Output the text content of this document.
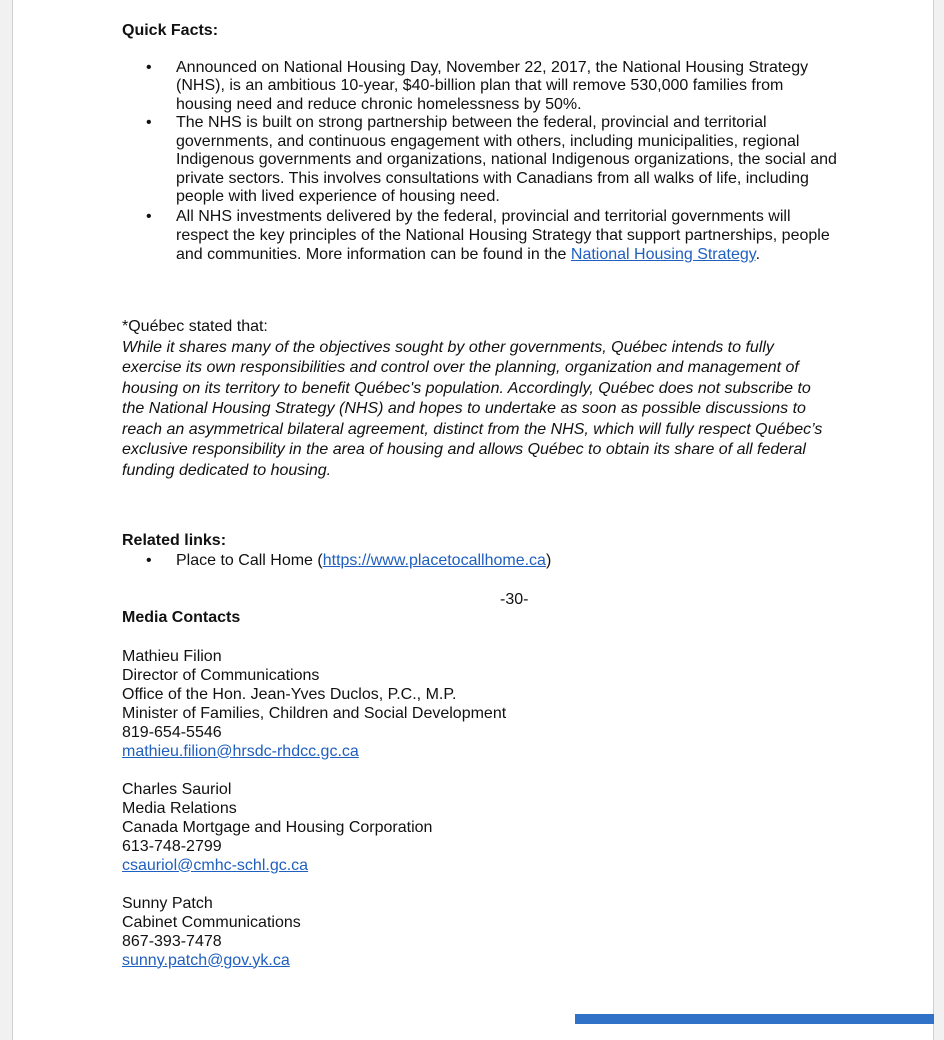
Quick Facts:

• Announced on National Housing Day, November 22, 2017, the National Housing Strategy (NHS), is an ambitious 10-year, $40-billion plan that will remove 530,000 families from housing need and reduce chronic homelessness by 50%.
• The NHS is built on strong partnership between the federal, provincial and territorial governments, and continuous engagement with others, including municipalities, regional Indigenous governments and organizations, national Indigenous organizations, the social and private sectors. This involves consultations with Canadians from all walks of life, including people with lived experience of housing need.
• All NHS investments delivered by the federal, provincial and territorial governments will respect the key principles of the National Housing Strategy that support partnerships, people and communities. More information can be found in the National Housing Strategy.
*Québec stated that:
While it shares many of the objectives sought by other governments, Québec intends to fully exercise its own responsibilities and control over the planning, organization and management of housing on its territory to benefit Québec's population. Accordingly, Québec does not subscribe to the National Housing Strategy (NHS) and hopes to undertake as soon as possible discussions to reach an asymmetrical bilateral agreement, distinct from the NHS, which will fully respect Québec’s exclusive responsibility in the area of housing and allows Québec to obtain its share of all federal funding dedicated to housing.

Related links:

• Place to Call Home (https://www.placetocallhome.ca)
-30-

Media Contacts

Mathieu Filion
Director of Communications
Office of the Hon. Jean-Yves Duclos, P.C., M.P.
Minister of Families, Children and Social Development
819-654-5546
mathieu.filion@hrsdc-rhdcc.gc.ca
Charles Sauriol
Media Relations
Canada Mortgage and Housing Corporation
613-748-2799
csauriol@cmhc-schl.gc.ca
Sunny Patch
Cabinet Communications
867-393-7478
sunny.patch@gov.yk.ca
